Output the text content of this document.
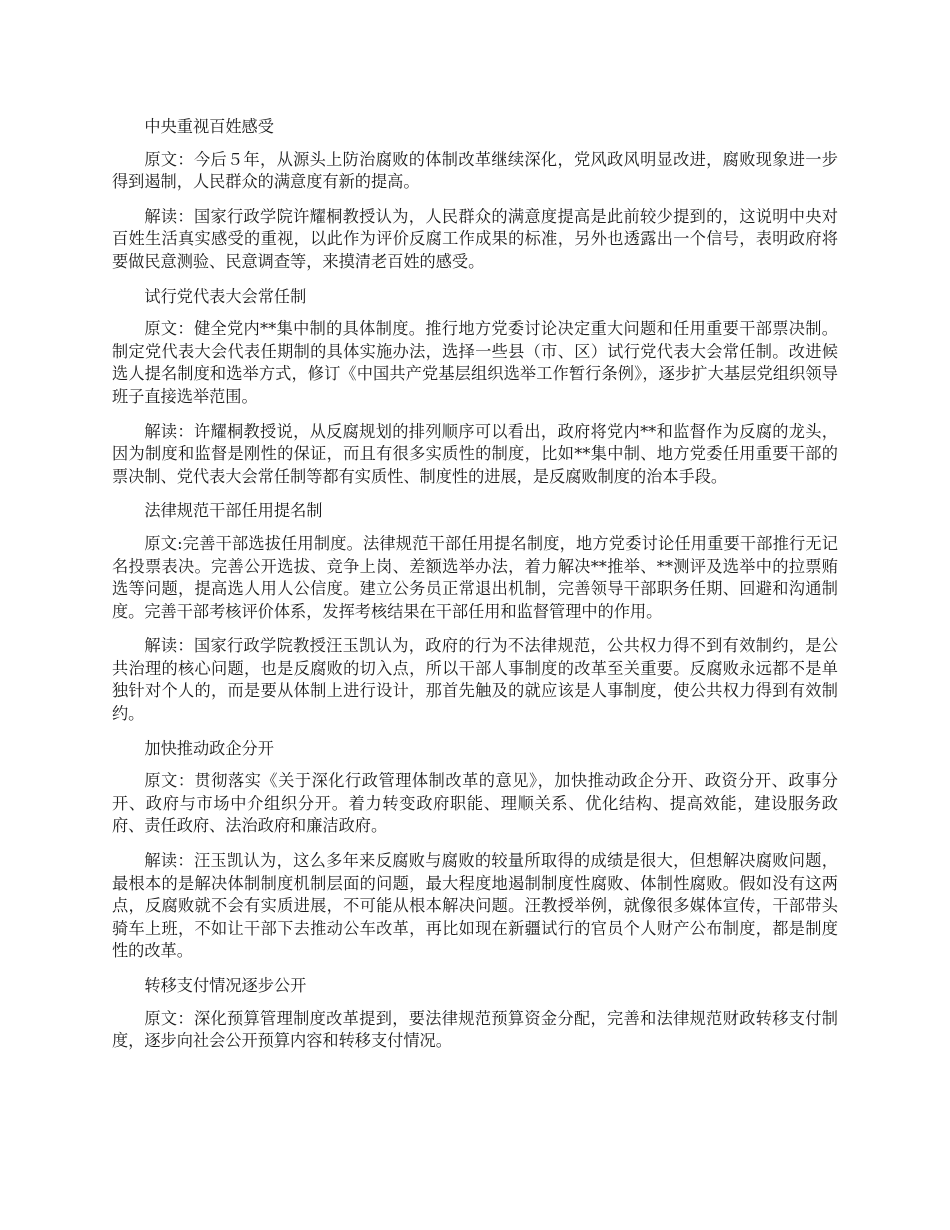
中央重视百姓感受

原文：今后５年，从源头上防治腐败的体制改革继续深化，党风政风明显改进，腐败现象进一步得到遏制，人民群众的满意度有新的提高。

解读：国家行政学院许耀桐教授认为，人民群众的满意度提高是此前较少提到的，这说明中央对百姓生活真实感受的重视，以此作为评价反腐工作成果的标准，另外也透露出一个信号，表明政府将要做民意测验、民意调查等，来摸清老百姓的感受。

试行党代表大会常任制

原文：健全党内**集中制的具体制度。推行地方党委讨论决定重大问题和任用重要干部票决制。制定党代表大会代表任期制的具体实施办法，选择一些县（市、区）试行党代表大会常任制。改进候选人提名制度和选举方式，修订《中国共产党基层组织选举工作暂行条例》，逐步扩大基层党组织领导班子直接选举范围。

解读：许耀桐教授说，从反腐规划的排列顺序可以看出，政府将党内**和监督作为反腐的龙头，因为制度和监督是刚性的保证，而且有很多实质性的制度，比如**集中制、地方党委任用重要干部的票决制、党代表大会常任制等都有实质性、制度性的进展，是反腐败制度的治本手段。

法律规范干部任用提名制

原文:完善干部选拔任用制度。法律规范干部任用提名制度，地方党委讨论任用重要干部推行无记名投票表决。完善公开选拔、竞争上岗、差额选举办法，着力解决**推举、**测评及选举中的拉票贿选等问题，提高选人用人公信度。建立公务员正常退出机制，完善领导干部职务任期、回避和沟通制度。完善干部考核评价体系，发挥考核结果在干部任用和监督管理中的作用。

解读：国家行政学院教授汪玉凯认为，政府的行为不法律规范，公共权力得不到有效制约，是公共治理的核心问题，也是反腐败的切入点，所以干部人事制度的改革至关重要。反腐败永远都不是单独针对个人的，而是要从体制上进行设计，那首先触及的就应该是人事制度，使公共权力得到有效制约。

加快推动政企分开

原文：贯彻落实《关于深化行政管理体制改革的意见》，加快推动政企分开、政资分开、政事分开、政府与市场中介组织分开。着力转变政府职能、理顺关系、优化结构、提高效能，建设服务政府、责任政府、法治政府和廉洁政府。

解读：汪玉凯认为，这么多年来反腐败与腐败的较量所取得的成绩是很大，但想解决腐败问题，最根本的是解决体制制度机制层面的问题，最大程度地遏制制度性腐败、体制性腐败。假如没有这两点，反腐败就不会有实质进展，不可能从根本解决问题。汪教授举例，就像很多媒体宣传，干部带头骑车上班，不如让干部下去推动公车改革，再比如现在新疆试行的官员个人财产公布制度，都是制度性的改革。

转移支付情况逐步公开

原文：深化预算管理制度改革提到，要法律规范预算资金分配，完善和法律规范财政转移支付制度，逐步向社会公开预算内容和转移支付情况。
